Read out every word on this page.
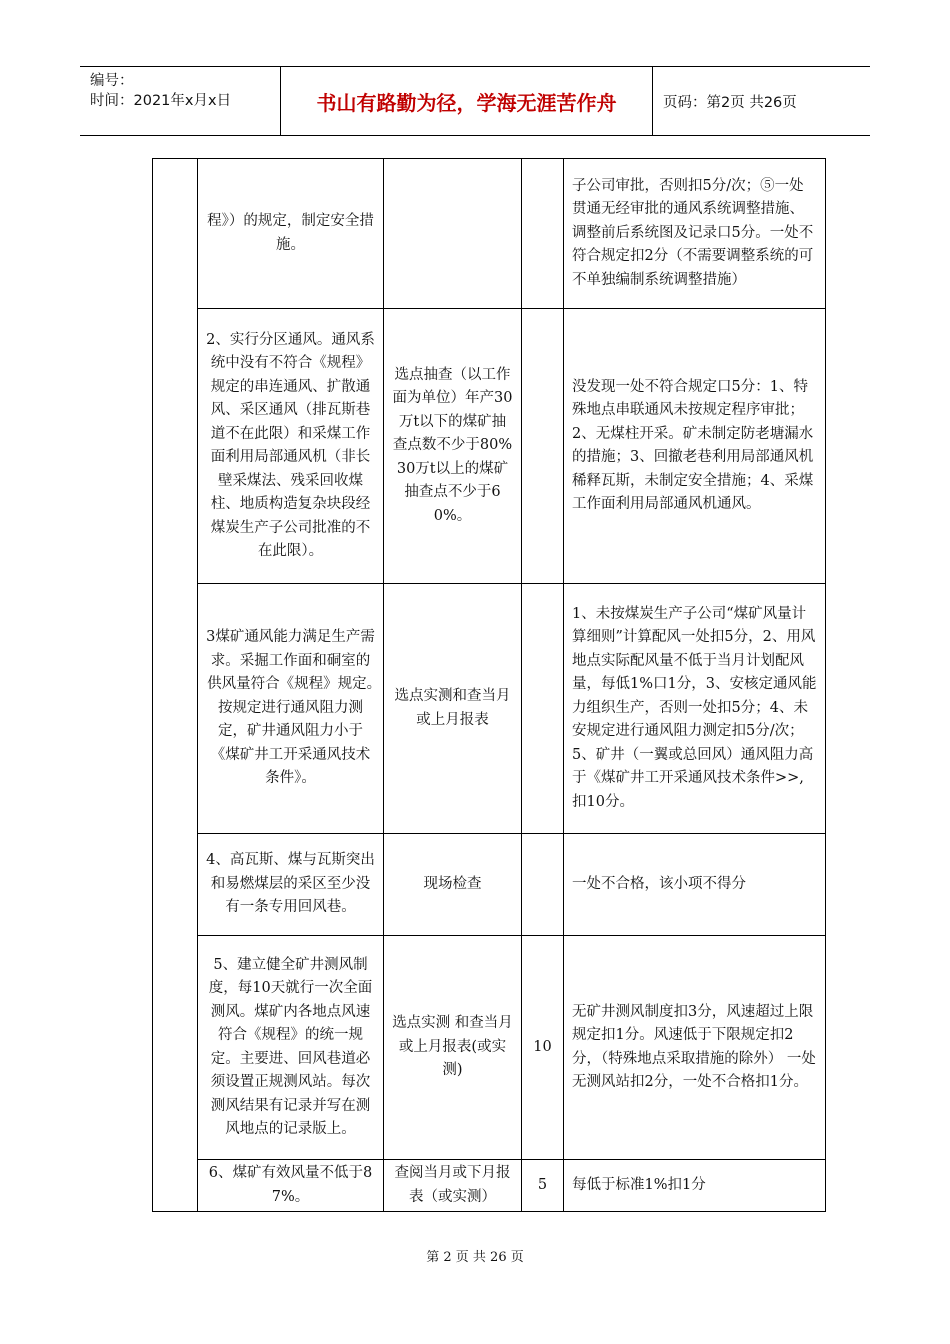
编号：
时间：2021年x月x日	书山有路勤为径，学海无涯苦作舟	页码：第2页 共26页
	程》）的规定，制定安全措施。			子公司审批，否则扣5分/次；⑤一处贯通无经审批的通风系统调整措施、调整前后系统图及记录口5分。一处不符合规定扣2分（不需要调整系统的可不单独编制系统调整措施）
	2、实行分区通风。通风系统中没有不符合《规程》规定的串连通风、扩散通风、采区通风（排瓦斯巷道不在此限）和采煤工作面利用局部通风机（非长壁采煤法、残采回收煤柱、地质构造复杂块段经煤炭生产子公司批准的不在此限）。	选点抽查（以工作面为单位）年产30万t以下的煤矿抽查点数不少于80%30万t以上的煤矿抽查点不少于60%。		没发现一处不符合规定口5分：1、特殊地点串联通风未按规定程序审批；2、无煤柱开采。矿未制定防老塘漏水的措施；3、回撤老巷利用局部通风机稀释瓦斯，未制定安全措施；4、采煤工作面利用局部通风机通风。
	3煤矿通风能力满足生产需求。采掘工作面和硐室的供风量符合《规程》规定。　按规定进行通风阻力测定，矿井通风阻力小于《煤矿井工开采通风技术条件》。	选点实测和查当月或上月报表		1、未按煤炭生产子公司“煤矿风量计算细则”计算配风一处扣5分，2、用风地点实际配风量不低于当月计划配风量，每低1%口1分，3、安核定通风能力组织生产，否则一处扣5分；4、未安规定进行通风阻力测定扣5分/次；5、矿井（一翼或总回风）通风阻力高于《煤矿井工开采通风技术条件>>,扣10分。
	4、高瓦斯、煤与瓦斯突出和易燃煤层的采区至少没有一条专用回风巷。	现场检查		一处不合格，该小项不得分
	5、建立健全矿井测风制度，每10天就行一次全面测风。煤矿内各地点风速符合《规程》的统一规定。主要进、回风巷道必须设置正规测风站。每次测风结果有记录并写在测风地点的记录版上。	选点实测 和查当月或上月报表(或实测)	10	无矿井测风制度扣3分，风速超过上限规定扣1分。风速低于下限规定扣2分，（特殊地点采取措施的除外） 一处无测风站扣2分，一处不合格扣1分。
	6、煤矿有效风量不低于87%。	查阅当月或下月报表（或实测）	5	每低于标准1%扣1分
第 2 页 共 26 页
